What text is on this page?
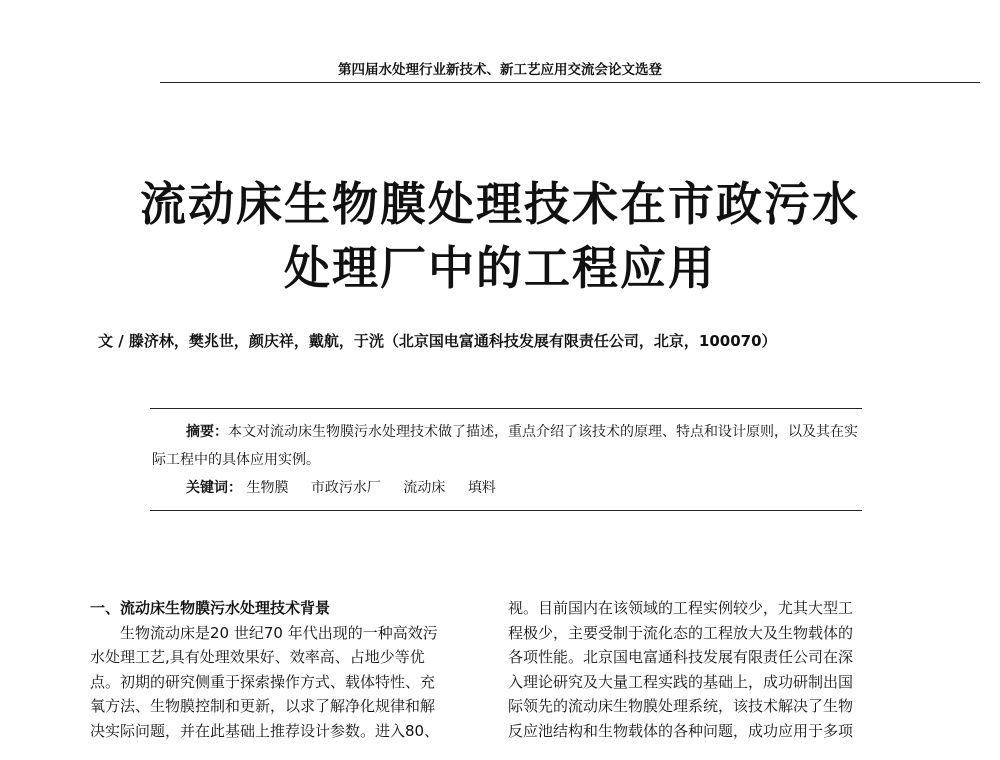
第四届水处理行业新技术、新工艺应用交流会论文选登
流动床生物膜处理技术在市政污水
处理厂中的工程应用
文 / 滕济林，樊兆世，颜庆祥，戴航，于洸（北京国电富通科技发展有限责任公司，北京，100070）

摘要：本文对流动床生物膜污水处理技术做了描述，重点介绍了该技术的原理、特点和设计原则，以及其在实际工程中的具体应用实例。

关键词： 生物膜 市政污水厂 流动床 填料

一、流动床生物膜污水处理技术背景
　　生物流动床是20 世纪70 年代出现的一种高效污
水处理工艺,具有处理效果好、效率高、占地少等优
点。初期的研究侧重于探索操作方式、载体特性、充
氧方法、生物膜控制和更新，以求了解净化规律和解
决实际问题，并在此基础上推荐设计参数。进入80、
视。目前国内在该领域的工程实例较少，尤其大型工
程极少，主要受制于流化态的工程放大及生物载体的
各项性能。北京国电富通科技发展有限责任公司在深
入理论研究及大量工程实践的基础上，成功研制出国
际领先的流动床生物膜处理系统，该技术解决了生物
反应池结构和生物载体的各种问题，成功应用于多项
